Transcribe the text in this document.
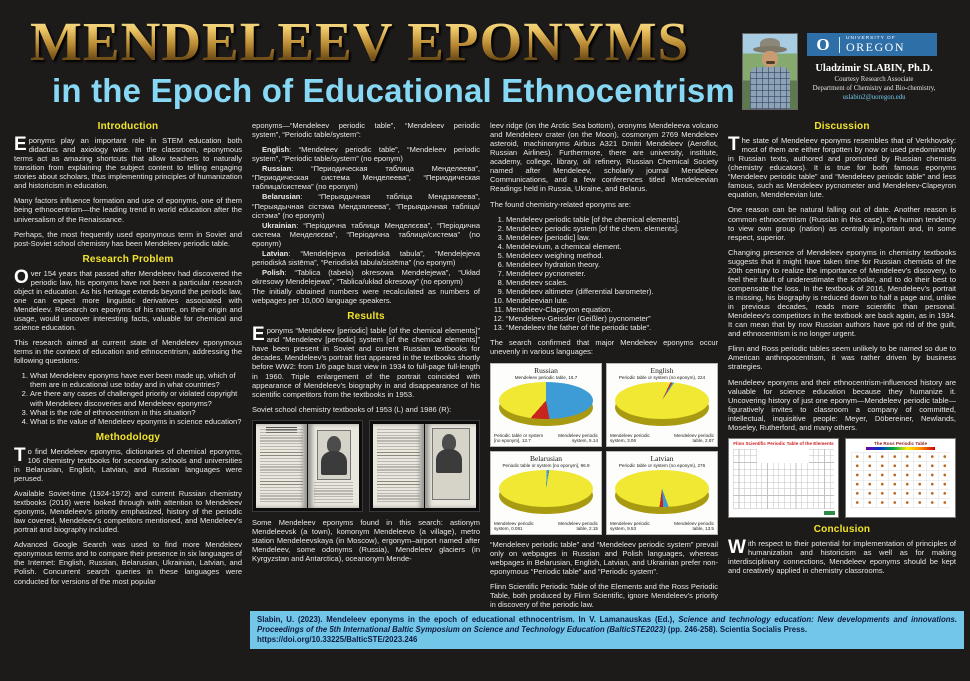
MENDELEEV EPONYMS
in the Epoch of Educational Ethnocentrism
O	UNIVERSITY OF
OREGON
Uladzimir SLABIN, Ph.D.
Courtesy Research Associate
Department of Chemistry and Bio-chemistry, uslabin2@uoregon.edu
Introduction

Eponyms play an important role in STEM education both didactics and axiology wise. In the classroom, eponymous terms act as amazing shortcuts that allow teachers to naturally transition from explaining the subject content to telling engaging stories about scholars, thus implementing principles of humanization and historicism in education.

Many factors influence formation and use of eponyms, one of them being ethnocentrism—the leading trend in world education after the universalism of the Renaissance.

Perhaps, the most frequently used eponymous term in Soviet and post-Soviet school chemistry has been Mendeleev periodic table.

Research Problem

Over 154 years that passed after Mendeleev had discovered the periodic law, his eponyms have not been a particular research object in education. As his heritage extends beyond the periodic law, one can expect more linguistic derivatives associated with Mendeleev. Research on eponyms of his name, on their origin and usage, would uncover interesting facts, valuable for chemical and science education.

This research aimed at current state of Mendeleev eponymous terms in the context of education and ethnocentrism, addressing the following questions:

1. What Mendeleev eponyms have ever been made up, which of them are in educational use today and in what countries?
2. Are there any cases of challenged priority or violated copyright with Mendeleev discoveries and Mendeleev eponyms?
3. What is the role of ethnocentrism in this situation?
4. What is the value of Mendeleev eponyms in science education?
Methodology

To find Mendeleev eponyms, dictionaries of chemical eponyms, 106 chemistry textbooks for secondary schools and universities in Belarusian, English, Latvian, and Russian languages were perused.

Available Soviet-time (1924-1972) and current Russian chemistry textbooks (2016) were looked through with attention to Mendeleev eponyms, Mendeleev’s priority emphasized, history of the periodic law covered, Mendeleev’s competitors mentioned, and Mendeleev’s portrait and biography included.

Advanced Google Search was used to find more Mendeleev eponymous terms and to compare their presence in six languages of the Internet: English, Russian, Belarusian, Ukrainian, Latvian, and Polish. Concurrent search queries in these languages were conducted for versions of the most popular

eponyms—“Mendeleev periodic table”, “Mendeleev periodic system”, “Periodic table/system”:

English: “Mendeleev periodic table”, “Mendeleev periodic system”, “Periodic table/system” (no eponym)

Russian: “Периодическая таблица Менделеева”, “Периодическая система Менделеева”, “Периодическая таблица/система” (no eponym)

Belarusian: “Перыядычная табліца Мендзялеева”, “Перыядычная сістэма Мендзялеева”, “Перыядычная табліца/сістэма” (no eponym)

Ukrainian: “Періодична таблиця Менделєєва”, “Періодична система Менделєєва”, “Періодична таблиця/система” (no eponym)

Latvian: “Mendeļejeva periodiskā tabula”, “Mendeļejeva periodiskā sistēma”, “Periodiskā tabula/sistēma” (no eponym)

Polish: “Tablica (tabela) okresowa Mendelejewa”, “Układ okresowy Mendelejewa”, “Tablica/układ okresowy” (no eponym)

The initially obtained numbers were recalculated as numbers of webpages per 10,000 language speakers.

Results

Eponyms “Mendeleev [periodic] table [of the chemical elements]” and “Mendeleev [periodic] system [of the chemical elements]” have been present in Soviet and current Russian textbooks for decades. Mendeleev’s portrait first appeared in the textbooks shortly before WW2: from 1/6 page bust view in 1934 to full-page full-length in 1960. Triple enlargement of the portrait coincided with appearance of Mendeleev’s biography in and disappearance of his scientific competitors from the textbooks in 1953.

Soviet school chemistry textbooks of 1953 (L) and 1986 (R):

Some Mendeleev eponyms found in this search: astionym Mendeleevsk (a town), komonym Mendeleevo (a village), metro station Mendeleevskaya (in Moscow), ergonym–airport named after Mendeleev, some odonyms (Russia), Mendeleev glaciers (in Kyrgyzstan and Antarctica), oceanonym Mende-

leev ridge (on the Arctic Sea bottom), oronyms Mendeleeva volcano and Mendeleev crater (on the Moon), cosmonym 2769 Mendeleev asteroid, machinonyms Airbus A321 Dmitri Mendeleev (Aeroflot, Russian Airlines). Furthermore, there are university, institute, academy, college, library, oil refinery, Russian Chemical Society named after Mendeleev, scholarly journal Mendeleev Communications, and a few conferences titled Mendeleevian Readings held in Russia, Ukraine, and Belarus.

The found chemistry-related eponyms are:

1. Mendeleev periodic table [of the chemical elements].
2. Mendeleev periodic system [of the chem. elements].
3. Mendeleev [periodic] law.
4. Mendelevium, a chemical element.
5. Mendeleev weighing method.
6. Mendeleev hydration theory.
7. Mendeleev pycnometer.
8. Mendeleev scales.
9. Mendeleev altimeter (differential barometer).
10. Mendeleevian lute.
11. Mendeleev-Clapeyron equation.
12. “Mendeleev-Geissler (Geißler) pycnometer”
13. “Mendeleev the father of the periodic table”.

The search confirmed that major Mendeleev eponyms occur unevenly in various languages:

Russian
Mendeleev periodic table, 16.7
Periodic table or system [no eponym], 13.7
Mendeleev periodic system, 5.14
English
Periodic table or system (no eponym), 224
Mendeleev periodic system, 3.06
Mendeleev periodic table, 2.87
Belarusian
Periodic table or system [no eponym], 96.9
Mendeleev periodic system, 0.081
Mendeleev periodic table, 2.15
Latvian
Periodic table or system (no eponym), 276
Mendeleev periodic system, 9.53
Mendeleev periodic table, 13.5

“Mendeleev periodic table” and “Mendeleev periodic system” prevail only on webpages in Russian and Polish languages, whereas webpages in Belarusian, English, Latvian, and Ukrainian prefer non-eponymous “Periodic table” and “Periodic system”.

Flinn Scientific Periodic Table of the Elements and the Ross Periodic Table, both produced by Flinn Scientific, ignore Mendeleev’s priority in discovery of the periodic law.

Discussion

The state of Mendeleev eponyms resembles that of Verkhovsky: most of them are either forgotten by now or used predominantly in Russian texts, authored and promoted by Russian chemists (chemistry educators). It is true for both famous eponyms “Mendeleev periodic table” and “Mendeleev periodic table” and less famous, such as Mendeleev pycnometer and Mendeleev-Clapeyron equation, Mendeleevian lute.

One reason can be natural falling out of date. Another reason is common ethnocentrism (Russian in this case), the human tendency to view own group (nation) as centrally important and, in some respect, superior.

Changing presence of Mendeleev eponyms in chemistry textbooks suggests that it might have taken time for Russian chemists of the 20th century to realize the importance of Mendeleev’s discovery, to feel their fault of underestimate the scholar, and to do their best to compensate the loss. In the textbook of 2016, Mendeleev’s portrait is missing, his biography is reduced down to half a page and, unlike in previous decades, reads more scientific than personal. Mendeleev’s competitors in the textbook are back again, as in 1934. It can mean that by now Russian authors have got rid of the guilt, and ethnocentrism is no longer urgent.

Flinn and Ross periodic tables seem unlikely to be named so due to American anthropocentrism, it was rather driven by business strategies.

Mendeleev eponyms and their ethnocentrism-influenced history are valuable for science education because they humanize it. Uncovering history of just one eponym—Mendeleev periodic table—figuratively invites to classroom a company of committed, intellectual, inquisitive people: Meyer, Döbereiner, Newlands, Moseley, Rutherford, and many others.

Flinn Scientific Periodic Table of the Elements	The Ross Periodic Table
Conclusion

With respect to their potential for implementation of principles of humanization and historicism as well as for making interdisciplinary connections, Mendeleev eponyms should be kept and creatively applied in chemistry classrooms.

Slabin, U. (2023). Mendeleev eponyms in the epoch of educational ethnocentrism. In V. Lamanauskas (Ed.), Science and technology education: New developments and innovations. Proceedings of the 5th International Baltic Symposium on Science and Technology Education (BalticSTE2023) (pp. 246-258). Scientia Socialis Press.
https://doi.org/10.33225/BalticSTE/2023.246
